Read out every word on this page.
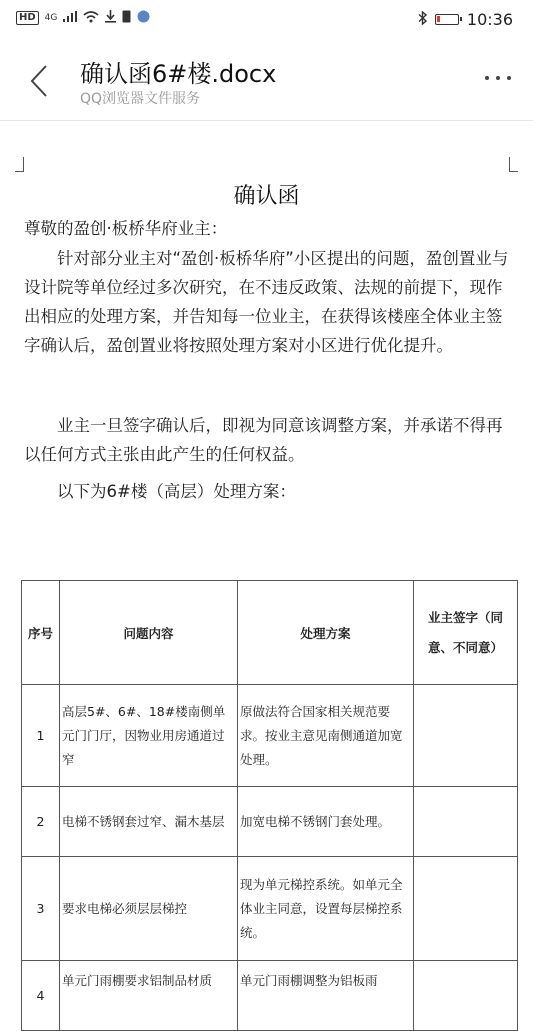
HD	4G	10:36
确认函6#楼.docx
QQ浏览器文件服务
确认函
尊敬的盈创·板桥华府业主：
针对部分业主对“盈创·板桥华府”小区提出的问题，盈创置业与设计院等单位经过多次研究，在不违反政策、法规的前提下，现作出相应的处理方案，并告知每一位业主，在获得该楼座全体业主签字确认后，盈创置业将按照处理方案对小区进行优化提升。
业主一旦签字确认后，即视为同意该调整方案，并承诺不得再以任何方式主张由此产生的任何权益。
以下为6#楼（高层）处理方案：
序号	问题内容	处理方案	业主签字（同意、不同意）
1	高层5#、6#、18#楼南侧单元门门厅，因物业用房通道过窄	原做法符合国家相关规范要求。按业主意见南侧通道加宽处理。	
2	电梯不锈钢套过窄、漏木基层	加宽电梯不锈钢门套处理。	
3	要求电梯必须层层梯控	现为单元梯控系统。如单元全体业主同意，设置每层梯控系统。	
4	单元门雨棚要求铝制品材质	单元门雨棚调整为铝板雨	
